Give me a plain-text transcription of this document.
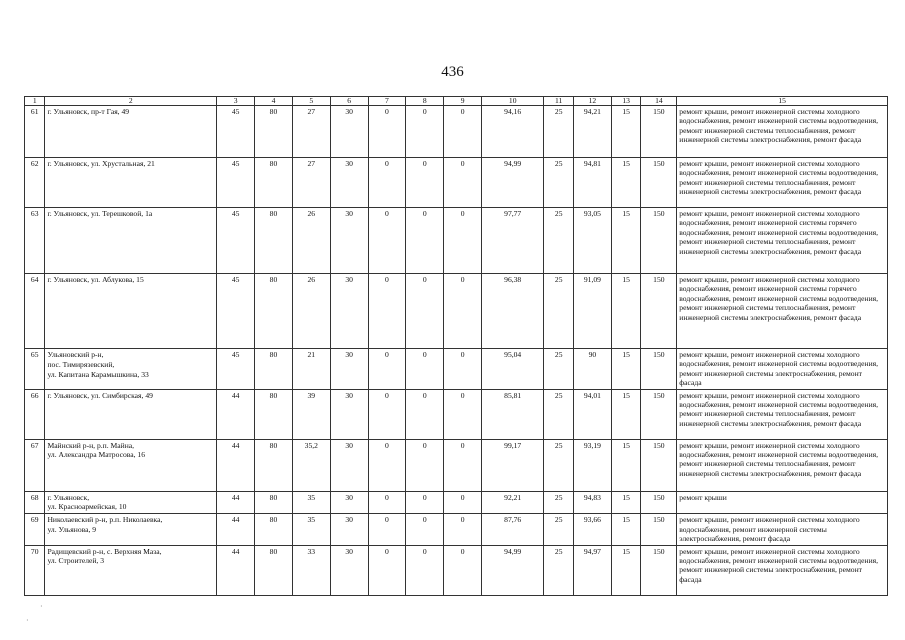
436
1	2	3	4	5	6	7	8	9	10	11	12	13	14	15
61	г. Ульяновск, пр-т Гая, 49	45	80	27	30	0	0	0	94,16	25	94,21	15	150	ремонт крыши, ремонт инженерной системы холодного водоснабжения, ремонт инженерной системы водоотведения, ремонт инженерной системы теплоснабжения, ремонт инженерной системы электроснабжения, ремонт фасада
62	г. Ульяновск, ул. Хрустальная, 21	45	80	27	30	0	0	0	94,99	25	94,81	15	150	ремонт крыши, ремонт инженерной системы холодного водоснабжения, ремонт инженерной системы водоотведения, ремонт инженерной системы теплоснабжения, ремонт инженерной системы электроснабжения, ремонт фасада
63	г. Ульяновск, ул. Терешковой, 1а	45	80	26	30	0	0	0	97,77	25	93,05	15	150	ремонт крыши, ремонт инженерной системы холодного водоснабжения, ремонт инженерной системы горячего водоснабжения, ремонт инженерной системы водоотведения, ремонт инженерной системы теплоснабжения, ремонт инженерной системы электроснабжения, ремонт фасада
64	г. Ульяновск, ул. Аблукова, 15	45	80	26	30	0	0	0	96,38	25	91,09	15	150	ремонт крыши, ремонт инженерной системы холодного водоснабжения, ремонт инженерной системы горячего водоснабжения, ремонт инженерной системы водоотведения, ремонт инженерной системы теплоснабжения, ремонт инженерной системы электроснабжения, ремонт фасада
65	Ульяновский р-н,
пос. Тимирязевский,
ул. Капитана Карамышкина, 33	45	80	21	30	0	0	0	95,04	25	90	15	150	ремонт крыши, ремонт инженерной системы холодного водоснабжения, ремонт инженерной системы водоотведения, ремонт инженерной системы электроснабжения, ремонт фасада
66	г. Ульяновск, ул. Симбирская, 49	44	80	39	30	0	0	0	85,81	25	94,01	15	150	ремонт крыши, ремонт инженерной системы холодного водоснабжения, ремонт инженерной системы водоотведения, ремонт инженерной системы теплоснабжения, ремонт инженерной системы электроснабжения, ремонт фасада
67	Майнский р-н, р.п. Майна,
ул. Александра Матросова, 16	44	80	35,2	30	0	0	0	99,17	25	93,19	15	150	ремонт крыши, ремонт инженерной системы холодного водоснабжения, ремонт инженерной системы водоотведения, ремонт инженерной системы теплоснабжения, ремонт инженерной системы электроснабжения, ремонт фасада
68	г. Ульяновск,
ул. Красноармейская, 10	44	80	35	30	0	0	0	92,21	25	94,83	15	150	ремонт крыши
69	Николаевский р-н, р.п. Николаевка,
ул. Ульянова, 9	44	80	35	30	0	0	0	87,76	25	93,66	15	150	ремонт крыши, ремонт инженерной системы холодного водоснабжения, ремонт инженерной системы электроснабжения, ремонт фасада
70	Радищевский р-н, с. Верхняя Маза,
ул. Строителей, 3	44	80	33	30	0	0	0	94,99	25	94,97	15	150	ремонт крыши, ремонт инженерной системы холодного водоснабжения, ремонт инженерной системы водоотведения, ремонт инженерной системы электроснабжения, ремонт фасада
·
·
